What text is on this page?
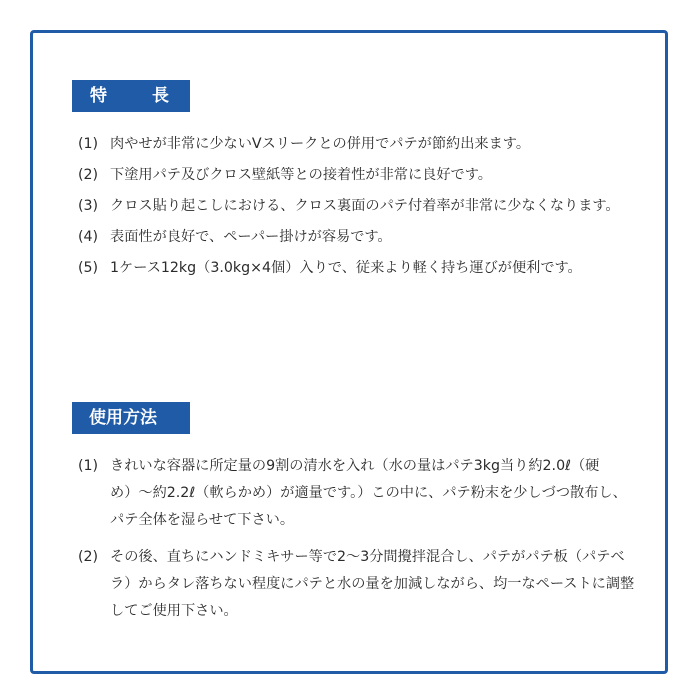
特	長
(1) 肉やせが非常に少ないVスリークとの併用でパテが節約出来ます。
(2) 下塗用パテ及びクロス壁紙等との接着性が非常に良好です。
(3) クロス貼り起こしにおける、クロス裏面のパテ付着率が非常に少なくなります。
(4) 表面性が良好で、ペーパー掛けが容易です。
(5) 1ケース12kg（3.0kg×4個）入りで、従来より軽く持ち運びが便利です。
使用方法
(1) きれいな容器に所定量の9割の清水を入れ（水の量はパテ3kg当り約2.0ℓ（硬め）〜約2.2ℓ（軟らかめ）が適量です。）この中に、パテ粉末を少しづつ散布し、パテ全体を湿らせて下さい。
(2) その後、直ちにハンドミキサー等で2〜3分間攪拌混合し、パテがパテ板（パテベラ）からタレ落ちない程度にパテと水の量を加減しながら、均一なペーストに調整してご使用下さい。
